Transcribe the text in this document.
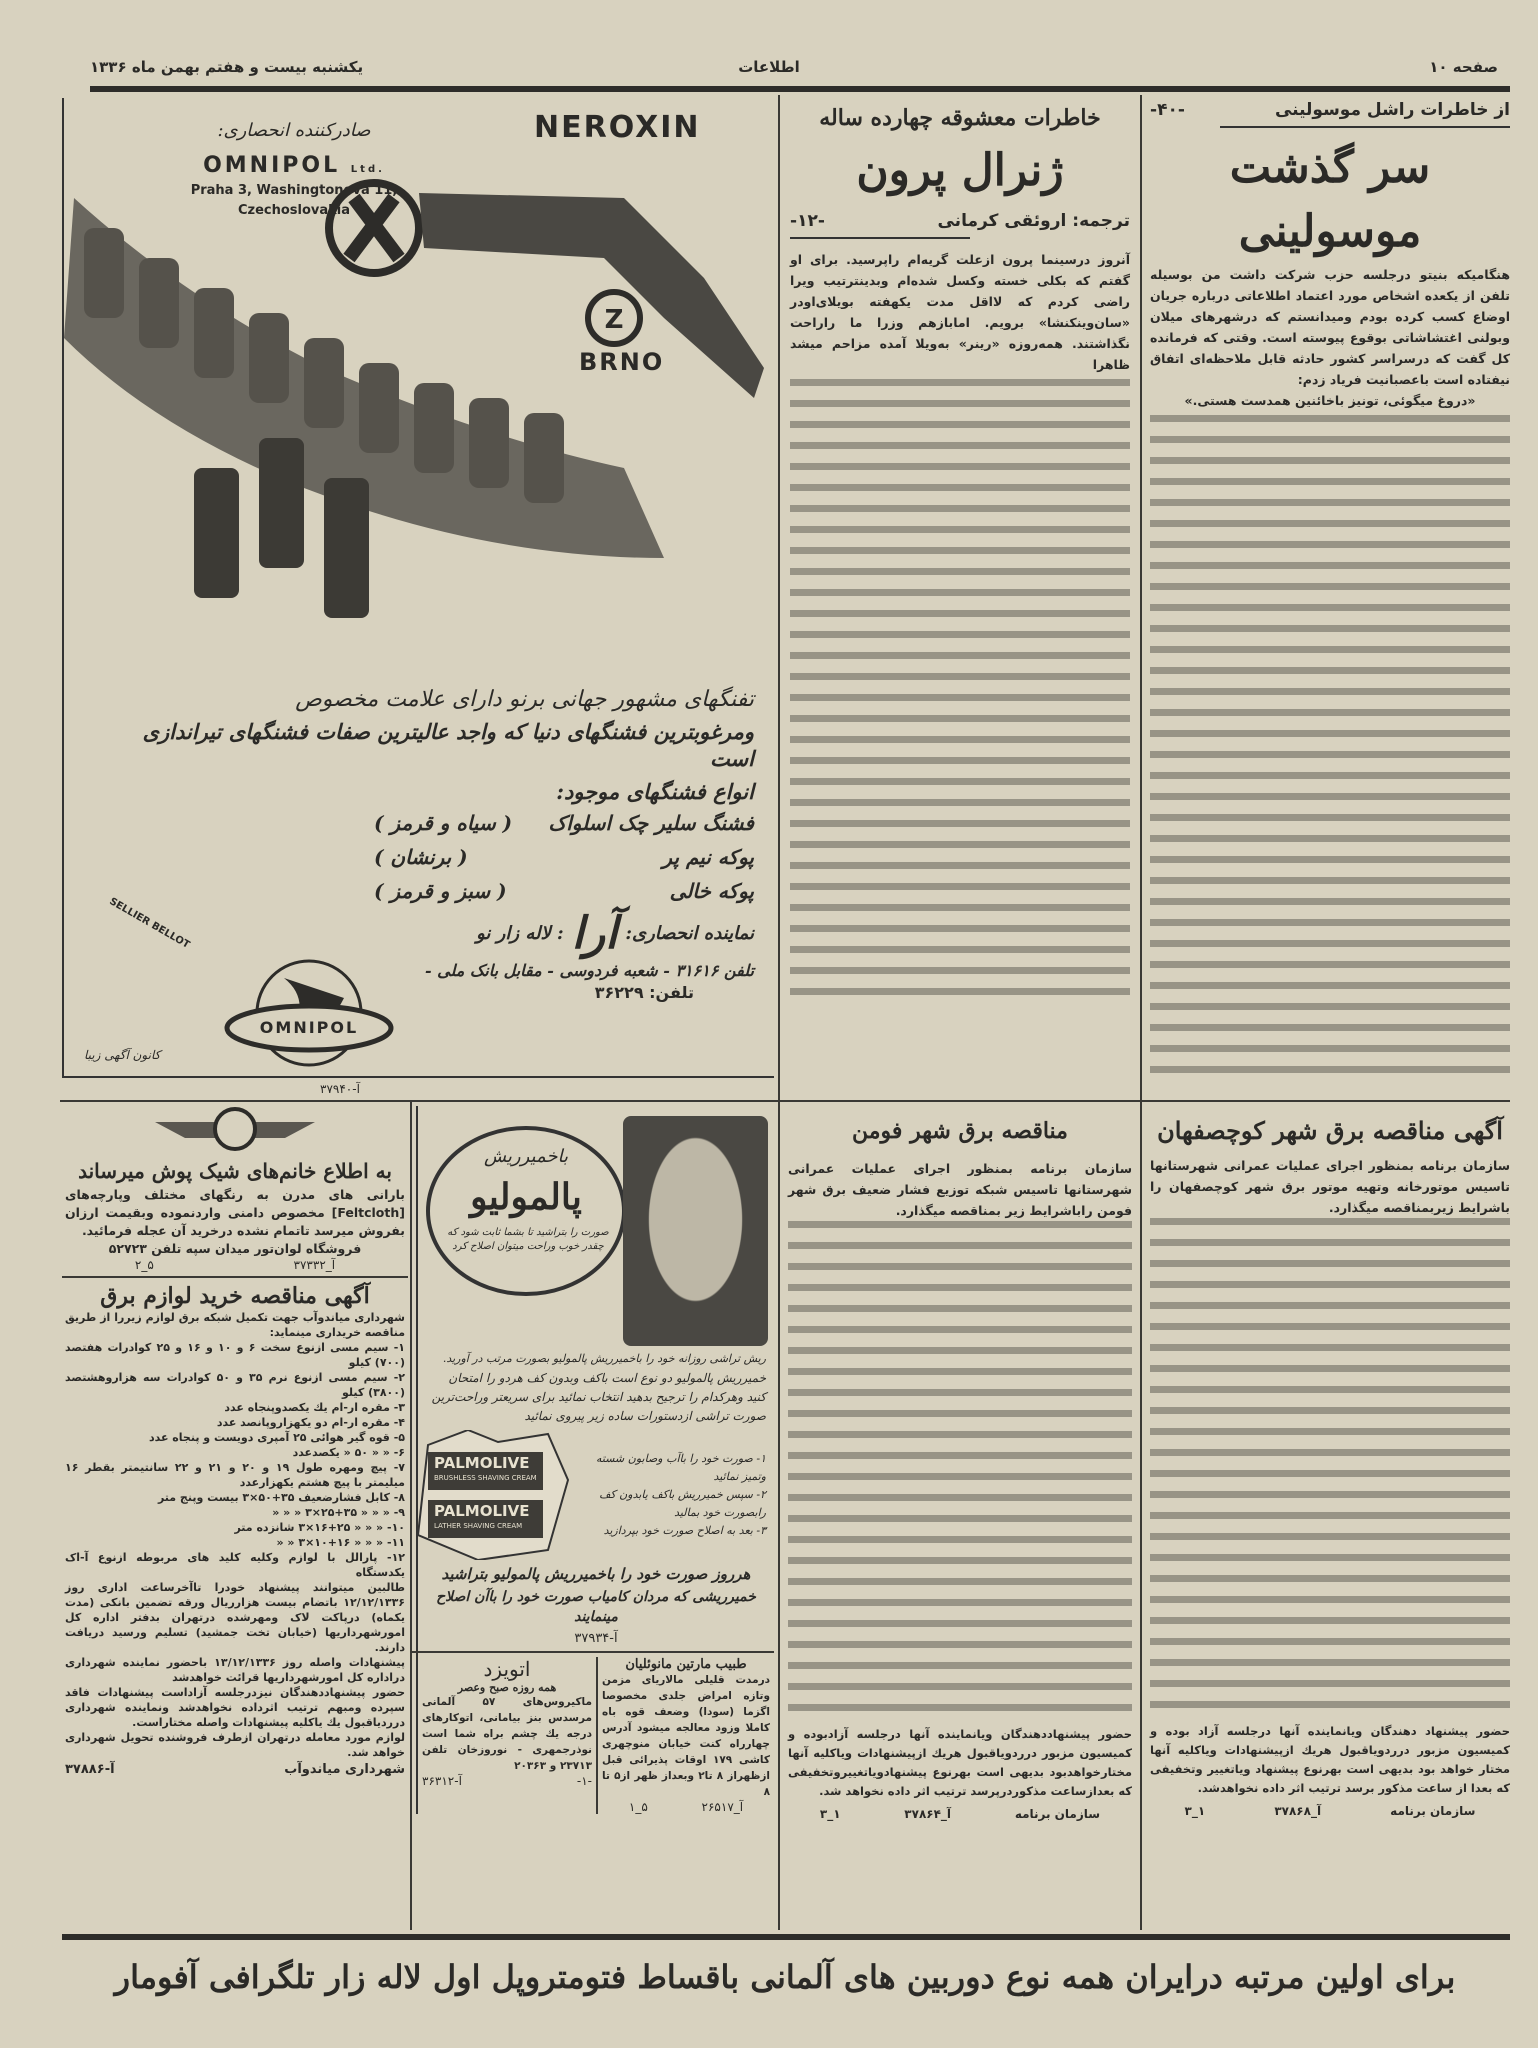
صفحه ۱۰
اطلاعات
یکشنبه بیست و هفتم بهمن ماه ۱۳۳۶
از خاطرات راشل موسولینی
-۴۰-
سر گذشت موسولینی

هنگامیکه بنیتو درجلسه حزب شرکت داشت من بوسیله تلفن از یکعده اشخاص مورد اعتماد اطلاعاتی درباره جریان اوضاع کسب کرده بودم ومیدانستم که درشهرهای میلان وبولنی اغتشاشاتی بوقوع پیوسته است. وقتی که فرمانده کل گفت که درسراسر کشور حادثه قابل ملاحظه‌ای اتفاق نیفتاده است باعصبانیت فریاد زدم:

«دروغ میگوئی، تونیز باخائنین همدست هستی.»

خاطرات معشوقه چهارده ساله
ژنرال پرون
ترجمه: اروئقی کرمانی
-۱۲-

آنروز درسینما پرون ازعلت گریه‌ام راپرسید. برای او گفتم که بکلی خسته وکسل شده‌ام وبدینترتیب ویرا راضی کردم که لااقل مدت یکهفته بویلای‌اودر «سان‌وینکنشا» برویم. امابازهم وزرا ما راراحت نگذاشتند. همه‌روزه «رینر» به‌ویلا آمده مزاحم میشد ظاهرا

NEROXIN
صادرکننده انحصاری:
OMNIPOL Ltd.
Praha 3, Washingtonova 11,
Czechoslovakia
Z
BRNO
تفنگهای مشهور جهانی برنو دارای علامت مخصوص
ومرغوبترین فشنگهای دنیا که واجد عالیترین صفات فشنگهای تیراندازی است
انواع فشنگهای موجود:
فشنگ سلیر چک اسلواک
( سیاه و قرمز )
پوکه نیم پر
( برنشان )
پوکه خالی
( سبز و قرمز )
نماینده انحصاری:
آرا
: لاله زار نو
تلفن ۳۱۶۱۶ - شعبه فردوسی - مقابل بانک ملی -
تلفن: ۳۶۲۲۹
OMNIPOL
SELLIER BELLOT
کانون آگهی زیبا
آ-۳۷۹۴۰
به اطلاع خانم‌های شیک پوش میرساند

بارانی های مدرن به رنگهای مختلف وپارچه‌های [Feltcloth] مخصوص دامنی واردنموده وبقیمت ارزان بفروش میرسد تاتمام نشده درخرید آن عجله فرمائید.

فروشگاه لوان‌تور میدان سپه تلفن ۵۲۷۲۳

۲_۵	آ_۳۷۳۳۲
آگهی مناقصه خرید لوازم برق

شهرداری میاندوآب جهت تکمیل شبکه برق لوازم زیررا از طریق مناقصه خریداری مینماید:

۱- سیم مسی ازنوع سخت ۶ و ۱۰ و ۱۶ و ۲۵ کوادرات هفتصد (۷۰۰) کیلو
۲- سیم مسی ازنوع نرم ۳۵ و ۵۰ کوادرات سه هزاروهشتصد (۳۸۰۰) کیلو
۳- مقره ار-ام یك یکصدوپنجاه عدد
۴- مقره ار-ام دو یکهزاروپانصد عدد
۵- قوه گیر هوائی ۲۵ آمپری دویست و پنجاه عدد
۶- « « ۵۰ « یکصدعدد
۷- پیچ ومهره طول ۱۹ و ۲۰ و ۲۱ و ۲۲ سانتیمتر بقطر ۱۶ میلیمتر با پیچ هشتم یکهزارعدد
۸- کابل فشارضعیف ۳۵+۵۰×۳ بیست وپنج متر
۹- « « « ۲۵+۳۵×۳ « « «
۱۰- « « « ۱۶+۲۵×۳ شانزده متر
۱۱- « « « ۱۰+۱۶×۳ « «
۱۲- پارالل با لوازم وکلیه کلید های مربوطه ازنوع آ-اک یکدستگاه

طالبین میتوانند پیشنهاد خودرا تاآخرساعت اداری روز ۱۲/۱۲/۱۳۳۶ باتضام بیست هزارریال ورقه تضمین بانکی (مدت یکماه) درپاکت لاک ومهرشده درتهران بدفتر اداره کل امورشهرداریها (خیابان تخت جمشید) تسلیم ورسید دریافت دارند.

پیشنهادات واصله روز ۱۳/۱۲/۱۳۳۶ باحضور نماینده شهرداری دراداره کل امورشهرداریها قرائت خواهدشد

حضور پیشنهاددهندگان نیزدرجلسه آزاداست پیشنهادات فاقد سپرده ومبهم ترتیب اثرداده نخواهدشد ونماینده شهرداری درردیاقبول یك یاکلیه پیشنهادات واصله مختاراست.

لوازم مورد معامله درتهران ازطرف فروشنده تحویل شهرداری خواهد شد.

آ-۳۷۸۸۶	شهرداری میاندوآب
باخمیرریش
پالمولیو
صورت را بتراشید تا بشما ثابت شود که چقدر خوب وراحت میتوان اصلاح کرد

ریش تراشی روزانه خود را باخمیرریش پالمولیو بصورت مرتب در آورید.

خمیرریش پالمولیو دو نوع است باکف وبدون کف هردو را امتحان کنید وهرکدام را ترجیح بدهید انتخاب نمائید برای سریعتر وراحت‌ترین صورت تراشی ازدستورات ساده زیر پیروی نمائید

PALMOLIVE
BRUSHLESS SHAVING CREAM
PALMOLIVE
LATHER SHAVING CREAM
۱- صورت خود را باآب وصابون شسته وتمیز نمائید
۲- سپس خمیرریش باکف یابدون کف رابصورت خود بمالید
۳- بعد به اصلاح صورت خود بپردازید
هرروز صورت خود را باخمیرریش پالمولیو بتراشید
خمیرریشی که مردان کامیاب صورت خود را باآن اصلاح مینمایند
آ-۳۷۹۳۴
اتویزد
همه روزه صبح وعصر

ماکیروس‌های ۵۷ آلمانی مرسدس بنز بیامانی، اتوکارهای درجه یك چشم براه شما است نوذرجمهری - نوروزخان تلفن ۲۳۷۱۳ و ۲۰۳۶۳

آ-۳۶۳۱۲	-۱-
طبیب مارتین مانوئلیان

درمدت قلیلی مالاریای مزمن وتازه امراض جلدی مخصوصا اگزما (سودا) وضعف قوه باه کاملا وزود معالجه میشود آدرس چهارراه کنت خیابان منوچهری کاشی ۱۷۹ اوقات پذیرائی قبل ازظهراز ۸ تا۲ وبعداز ظهر از۵ تا ۸

۱_۵	آ_۲۶۵۱۷
مناقصه برق شهر فومن

سازمان برنامه بمنظور اجرای عملیات عمرانی شهرستانها تاسیس شبکه توزیع فشار ضعیف برق شهر فومن راباشرایط زیر بمناقصه میگذارد.

حضور پیشنهاددهندگان ویانماینده آنها درجلسه آزادبوده و کمیسیون مزبور درردویاقبول هریك ازپیشنهادات ویاکلیه آنها مختارخواهدبود بدیهی است بهرنوع پیشنهادویاتغییروتخفیفی که بعدازساعت مذکوردرپرسد ترتیب اثر داده نخواهد شد.

۳_۱	آ_۳۷۸۶۴	سازمان برنامه
آگهی مناقصه برق شهر کوچصفهان

سازمان برنامه بمنظور اجرای عملیات عمرانی شهرستانها تاسیس موتورخانه وتهیه موتور برق شهر کوچصفهان را باشرایط زیربمناقصه میگذارد.

حضور پیشنهاد دهندگان ویانماینده آنها درجلسه آزاد بوده و کمیسیون مزبور درردویاقبول هریك ازپیشنهادات ویاکلیه آنها مختار خواهد بود بدیهی است بهرنوع پیشنهاد ویاتغییر وتخفیفی که بعدا از ساعت مذکور برسد ترتیب اثر داده نخواهدشد.

۳_۱	آ_۳۷۸۶۸	سازمان برنامه
برای اولین مرتبه درایران همه نوع دوربین های آلمانی باقساط فتومتروپل اول لاله زار تلگرافی آفومار
